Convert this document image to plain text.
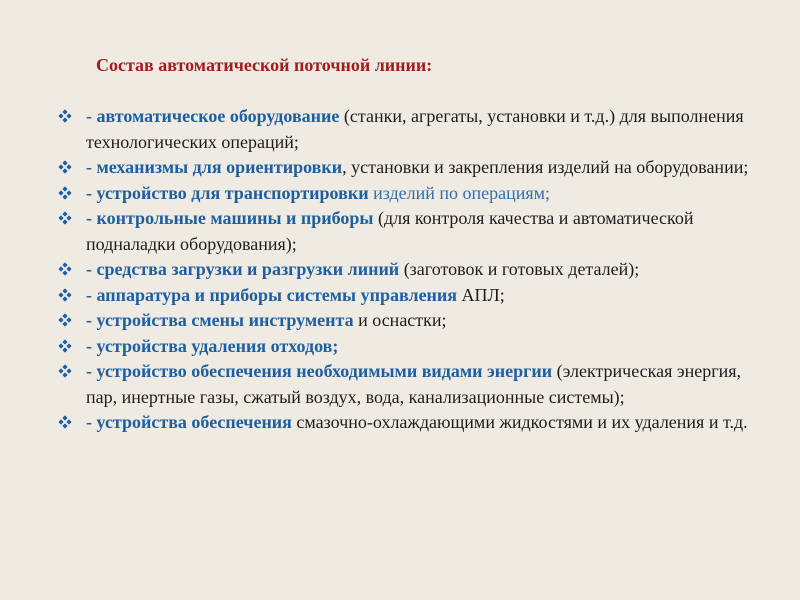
Состав автоматической поточной линии:
- автоматическое оборудование (станки, агрегаты, установки и т.д.) для выполнения технологических операций;
- механизмы для ориентировки, установки и закрепления изделий на оборудовании;
- устройство для транспортировки изделий по операциям;
- контрольные машины и приборы (для контроля качества и автоматической подналадки оборудования);
- средства загрузки и разгрузки линий (заготовок и готовых деталей);
- аппаратура и приборы системы управления АПЛ;
- устройства смены инструмента и оснастки;
- устройства удаления отходов;
- устройство обеспечения необходимыми видами энергии (электрическая энергия, пар, инертные газы, сжатый воздух, вода, канализационные системы);
- устройства обеспечения смазочно-охлаждающими жидкостями и их удаления и т.д.
